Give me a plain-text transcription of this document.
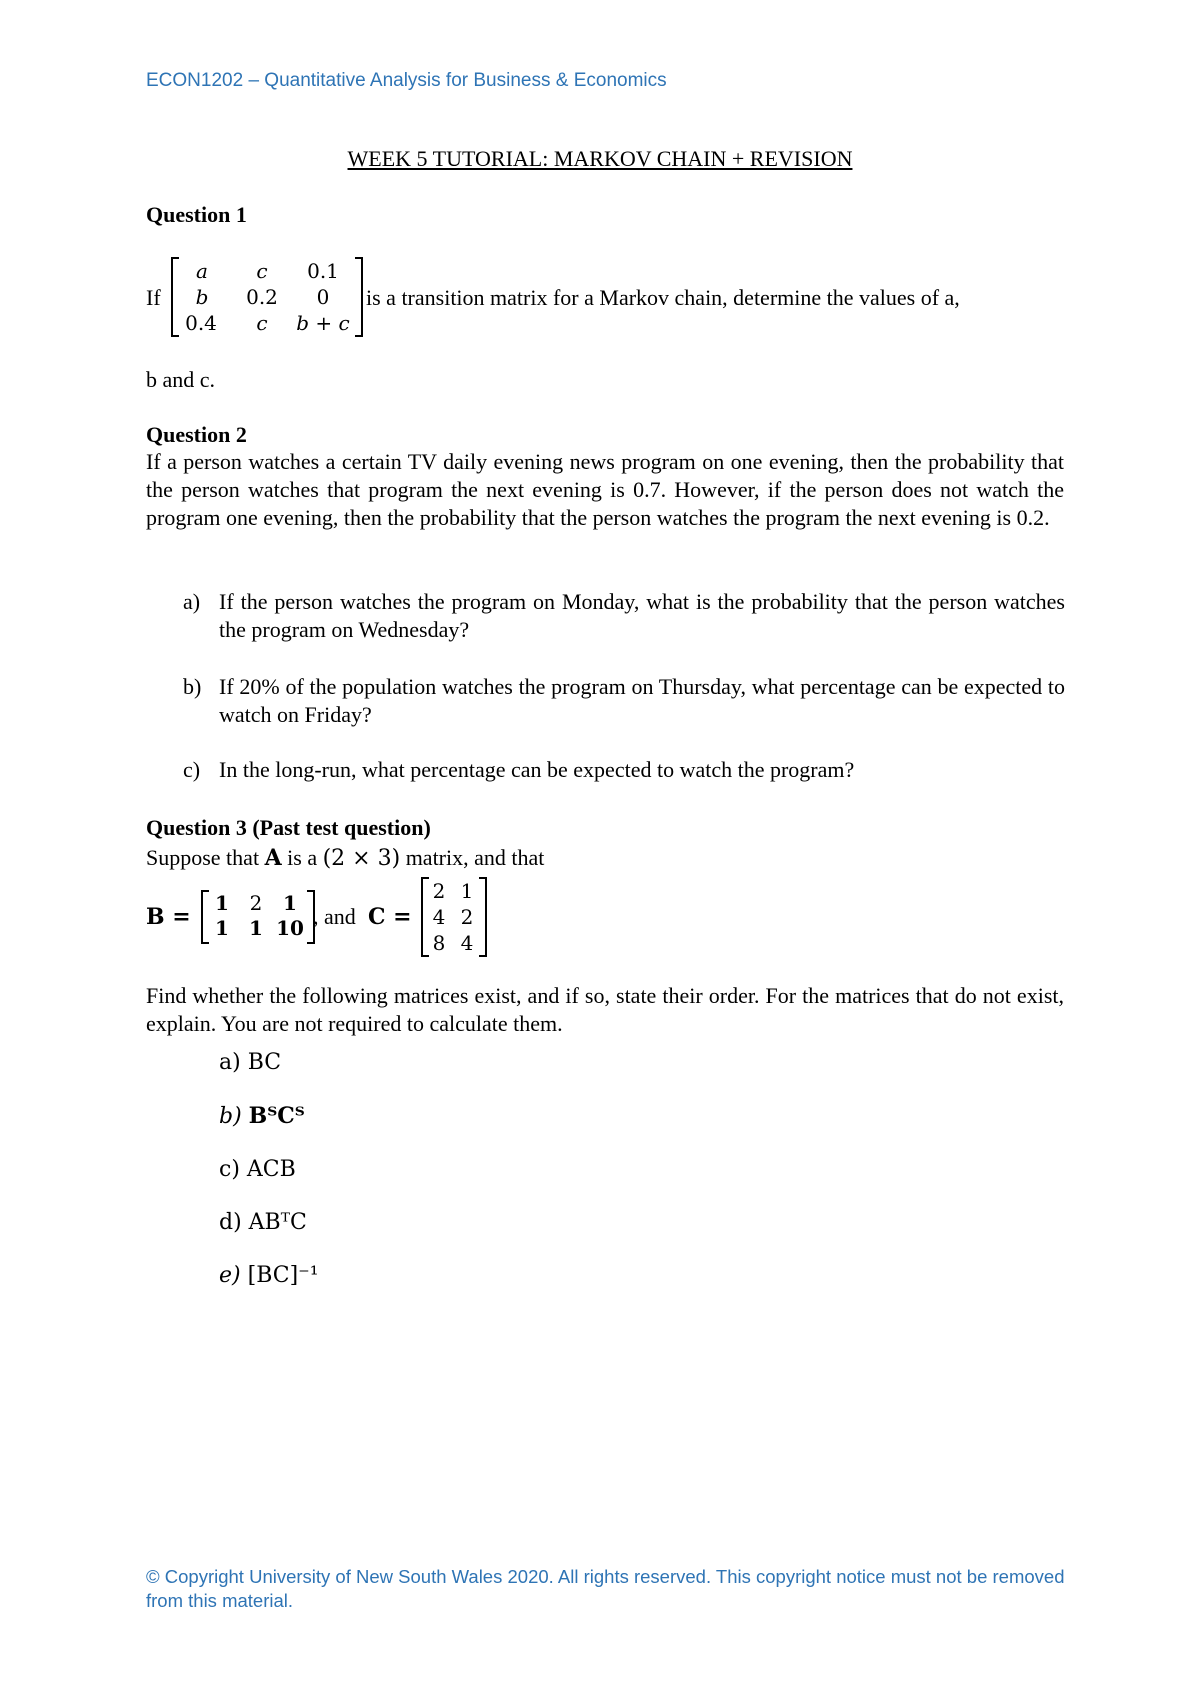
ECON1202 – Quantitative Analysis for Business & Economics
WEEK 5 TUTORIAL: MARKOV CHAIN + REVISION
Question 1
If
a	c	0.1
b	0.2	0
0.4	c	b + c
is a transition matrix for a Markov chain, determine the values of a,
b and c.
Question 2
If a person watches a certain TV daily evening news program on one evening, then the probability that the person watches that program the next evening is 0.7. However, if the person does not watch the program one evening, then the probability that the person watches the program the next evening is 0.2.
a) If the person watches the program on Monday, what is the probability that the person watches the program on Wednesday?
b) If 20% of the population watches the program on Thursday, what percentage can be expected to watch on Friday?
c) In the long-run, what percentage can be expected to watch the program?
Question 3 (Past test question)
Suppose that A is a (2 × 3) matrix, and that
B =
1	2	1
1	1 10 , and C =
2 1
4 2
8 4
Find whether the following matrices exist, and if so, state their order. For the matrices that do not exist, explain. You are not required to calculate them.
a) BC
b) BᵀCᵀ
c) ACB
d) ABᵀC
e) [BC]⁻¹
© Copyright University of New South Wales 2020. All rights reserved. This copyright notice must not be removed from this material.
